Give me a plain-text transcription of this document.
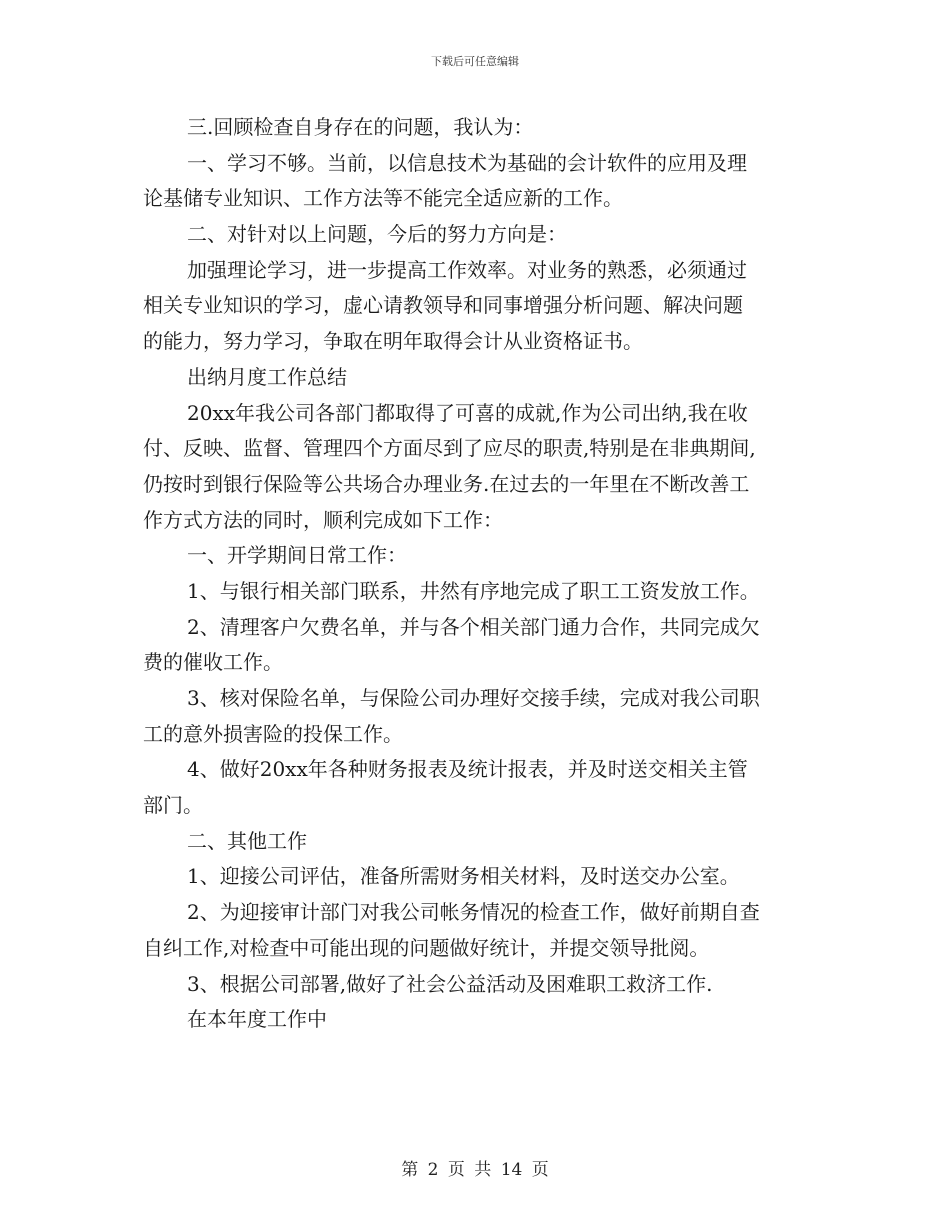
下载后可任意编辑
三.回顾检查自身存在的问题，我认为：
一、学习不够。当前，以信息技术为基础的会计软件的应用及理
论基储专业知识、工作方法等不能完全适应新的工作。
二、对针对以上问题，今后的努力方向是：
加强理论学习，进一步提高工作效率。对业务的熟悉，必须通过
相关专业知识的学习，虚心请教领导和同事增强分析问题、解决问题
的能力，努力学习，争取在明年取得会计从业资格证书。
出纳月度工作总结
20xx年我公司各部门都取得了可喜的成就,作为公司出纳,我在收
付、反映、监督、管理四个方面尽到了应尽的职责,特别是在非典期间,
仍按时到银行保险等公共场合办理业务.在过去的一年里在不断改善工
作方式方法的同时，顺利完成如下工作：
一、开学期间日常工作：
1、与银行相关部门联系，井然有序地完成了职工工资发放工作。
2、清理客户欠费名单，并与各个相关部门通力合作，共同完成欠
费的催收工作。
3、核对保险名单，与保险公司办理好交接手续，完成对我公司职
工的意外损害险的投保工作。
4、做好20xx年各种财务报表及统计报表，并及时送交相关主管
部门。
二、其他工作
1、迎接公司评估，准备所需财务相关材料，及时送交办公室。
2、为迎接审计部门对我公司帐务情况的检查工作，做好前期自查
自纠工作,对检查中可能出现的问题做好统计，并提交领导批阅。
3、根据公司部署,做好了社会公益活动及困难职工救济工作.
在本年度工作中
第 2 页 共 14 页
